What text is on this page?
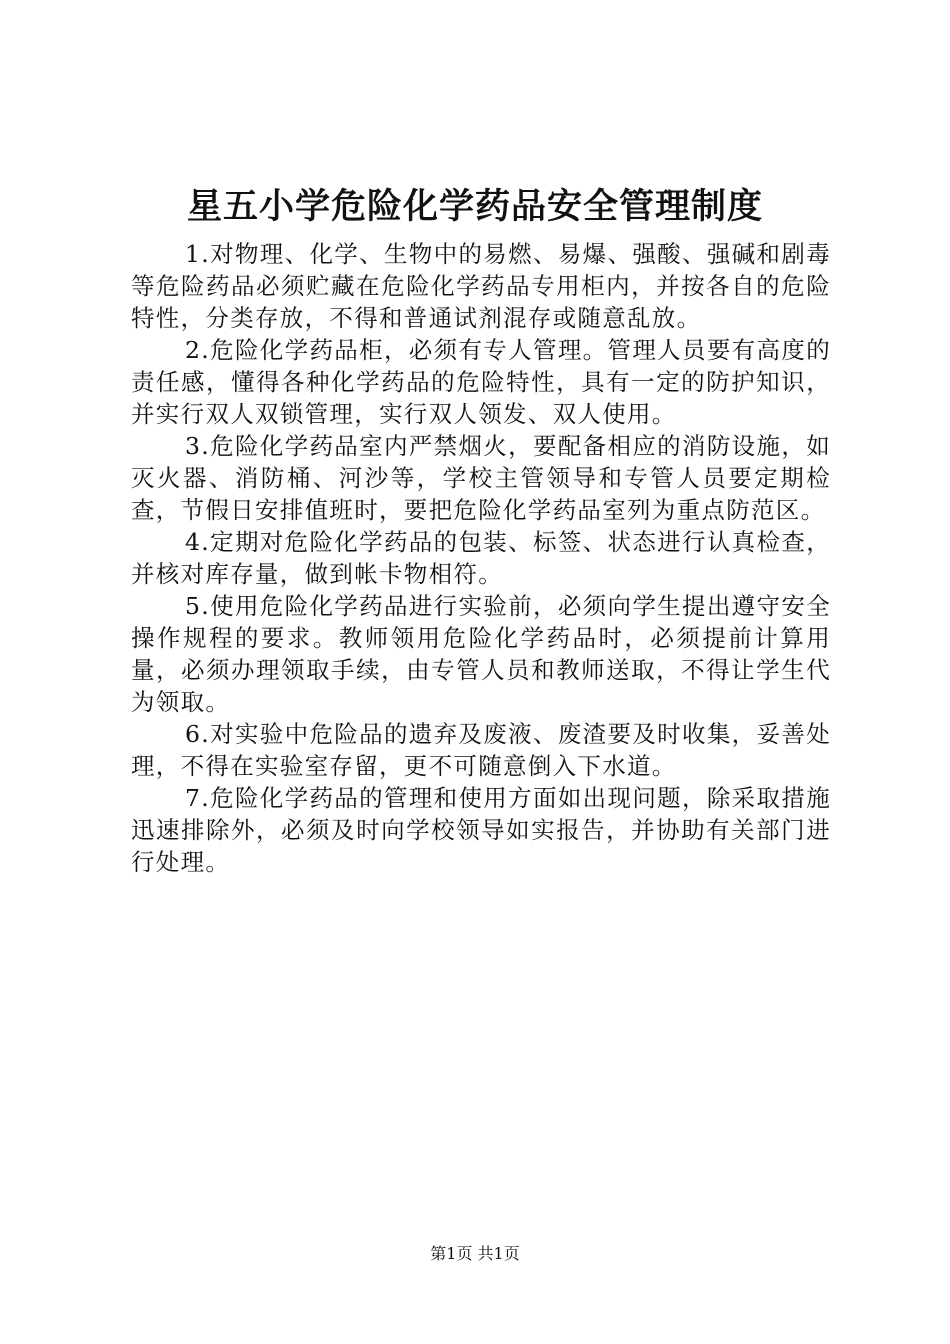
星五小学危险化学药品安全管理制度

1.对物理、化学、生物中的易燃、易爆、强酸、强碱和剧毒等危险药品必须贮藏在危险化学药品专用柜内，并按各自的危险特性，分类存放，不得和普通试剂混存或随意乱放。

2.危险化学药品柜，必须有专人管理。管理人员要有高度的责任感，懂得各种化学药品的危险特性，具有一定的防护知识，并实行双人双锁管理，实行双人领发、双人使用。

3.危险化学药品室内严禁烟火，要配备相应的消防设施，如灭火器、消防桶、河沙等，学校主管领导和专管人员要定期检查，节假日安排值班时，要把危险化学药品室列为重点防范区。

4.定期对危险化学药品的包装、标签、状态进行认真检查，并核对库存量，做到帐卡物相符。

5.使用危险化学药品进行实验前，必须向学生提出遵守安全操作规程的要求。教师领用危险化学药品时，必须提前计算用量，必须办理领取手续，由专管人员和教师送取，不得让学生代为领取。

6.对实验中危险品的遗弃及废液、废渣要及时收集，妥善处理，不得在实验室存留，更不可随意倒入下水道。

7.危险化学药品的管理和使用方面如出现问题，除采取措施迅速排除外，必须及时向学校领导如实报告，并协助有关部门进行处理。

第1页 共1页
